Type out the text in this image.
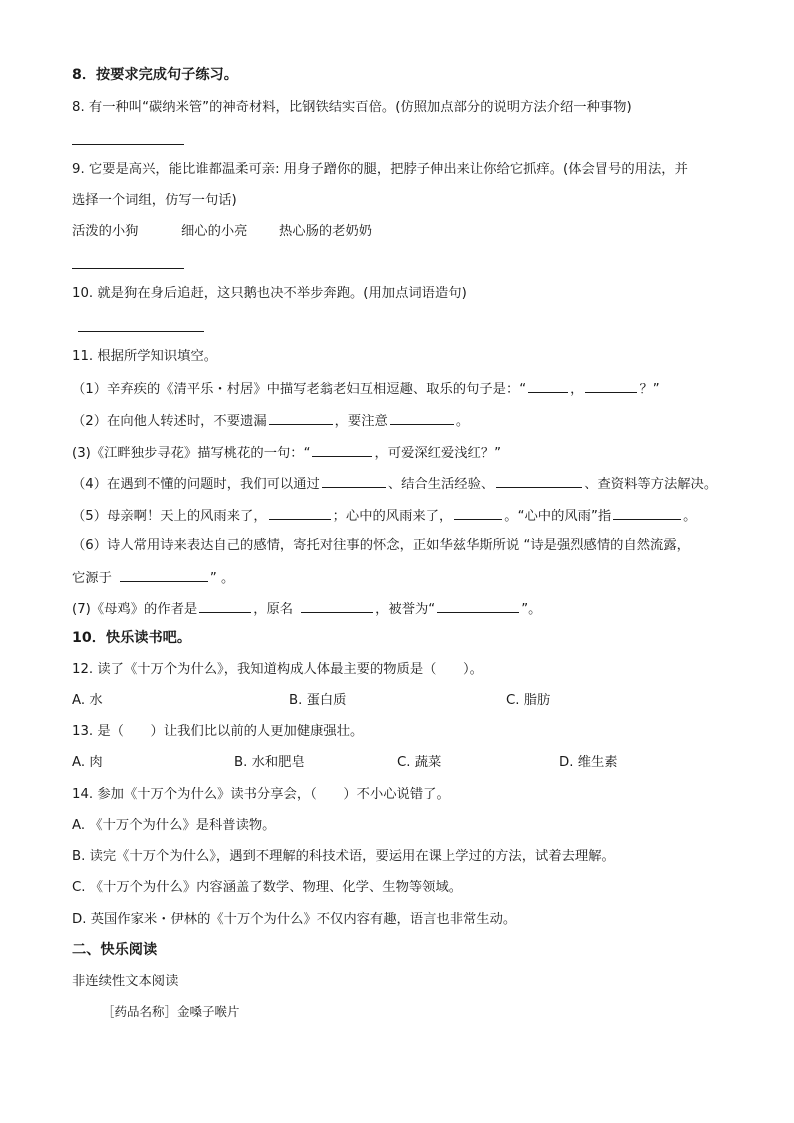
8．按要求完成句子练习。
8. 有一种叫“碳纳米管”的神奇材料，比钢铁结实百倍。(仿照加点部分的说明方法介绍一种事物)
9. 它要是高兴，能比谁都温柔可亲: 用身子蹭你的腿，把脖子伸出来让你给它抓痒。(体会冒号的用法，并
选择一个词组，仿写一句话)
活泼的小狗	细心的小亮 热心肠的老奶奶
10. 就是狗在身后追赶，这只鹅也决不举步奔跑。(用加点词语造句)
11. 根据所学知识填空。
（1）辛弃疾的《清平乐・村居》中描写老翁老妇互相逗趣、取乐的句子是：“	，	？”
（2）在向他人转述时，不要遗漏	，要注意	。
(3)《江畔独步寻花》描写桃花的一句：“	，可爱深红爱浅红？”
（4）在遇到不懂的问题时，我们可以通过	、结合生活经验、	、查资料等方法解决。
（5）母亲啊！天上的风雨来了，	；心中的风雨来了，	。“心中的风雨”指	。
（6）诗人常用诗来表达自己的感情，寄托对往事的怀念，正如华兹华斯所说 “诗是强烈感情的自然流露，
它源于	” 。
(7)《母鸡》的作者是	，原名	，被誉为“	”。
10．快乐读书吧。
12. 读了《十万个为什么》，我知道构成人体最主要的物质是（　　）。
A. 水	B. 蛋白质	C. 脂肪
13. 是（　　）让我们比以前的人更加健康强壮。
A. 肉	B. 水和肥皂	C. 蔬菜	D. 维生素
14. 参加《十万个为什么》读书分享会，（　　）不小心说错了。
A. 《十万个为什么》是科普读物。
B. 读完《十万个为什么》，遇到不理解的科技术语，要运用在课上学过的方法，试着去理解。
C. 《十万个为什么》内容涵盖了数学、物理、化学、生物等领域。
D. 英国作家米・伊林的《十万个为什么》不仅内容有趣，语言也非常生动。
二、快乐阅读
非连续性文本阅读
［药品名称］金嗓子喉片
